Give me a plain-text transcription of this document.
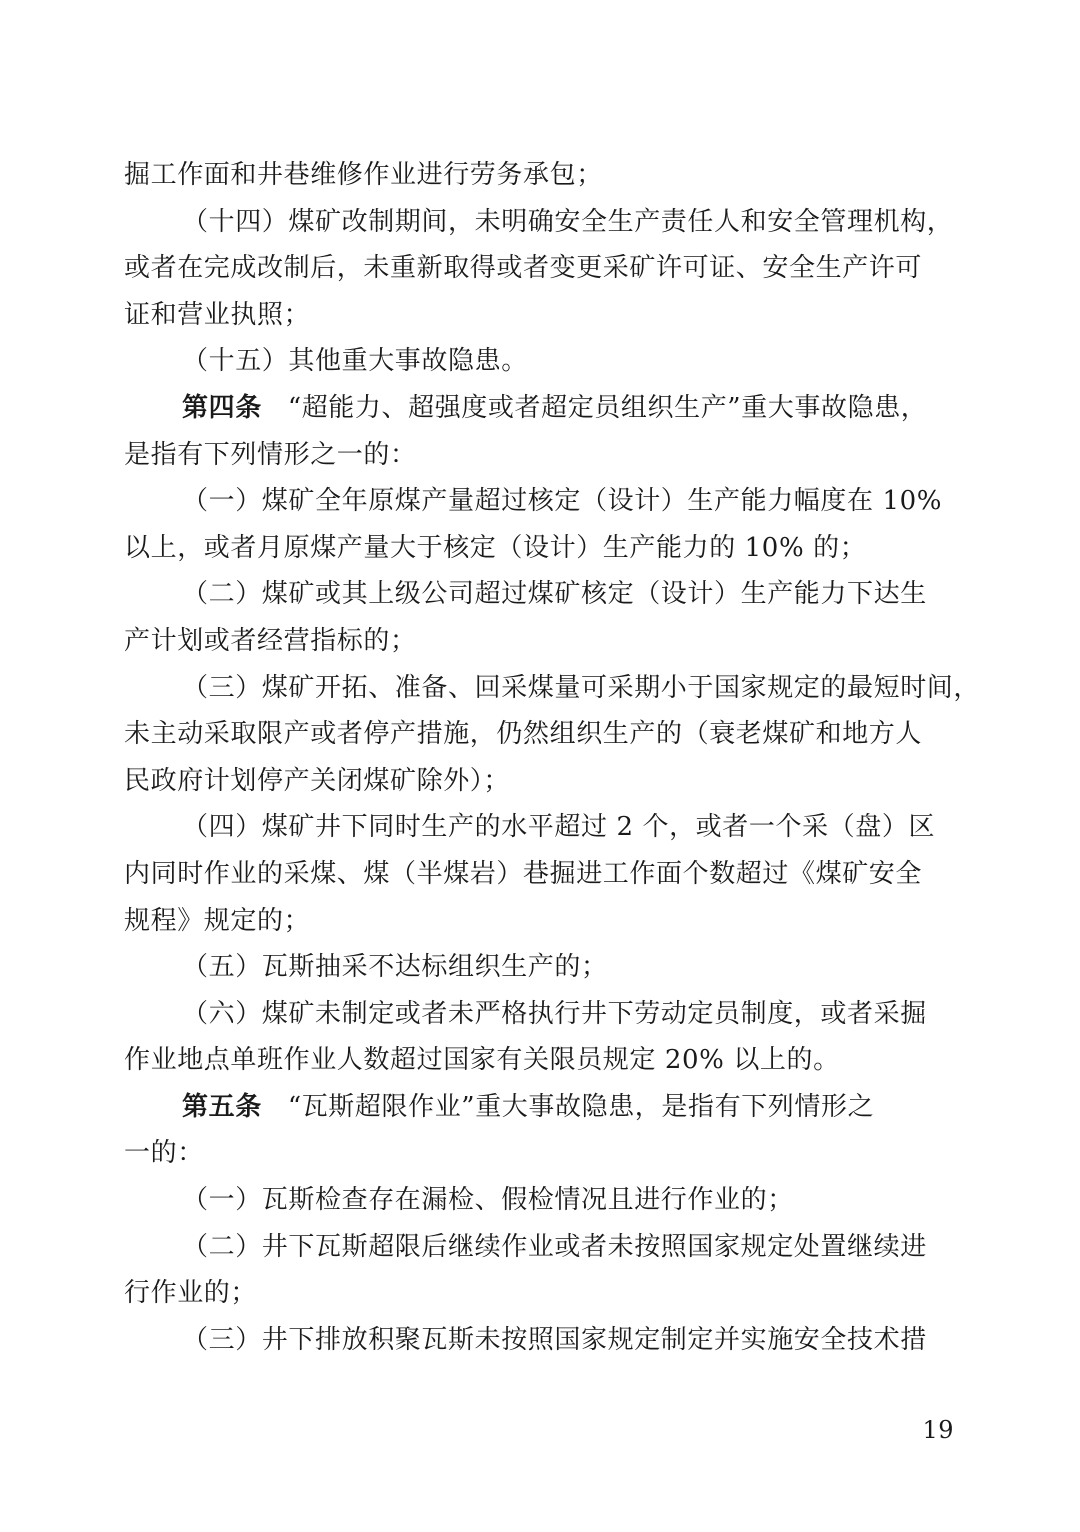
掘工作面和井巷维修作业进行劳务承包；
（十四）煤矿改制期间，未明确安全生产责任人和安全管理机构，
或者在完成改制后，未重新取得或者变更采矿许可证、安全生产许可
证和营业执照；
（十五）其他重大事故隐患。
第四条 “超能力、超强度或者超定员组织生产”重大事故隐患，
是指有下列情形之一的：
（一）煤矿全年原煤产量超过核定（设计）生产能力幅度在 10%
以上，或者月原煤产量大于核定（设计）生产能力的 10% 的；
（二）煤矿或其上级公司超过煤矿核定（设计）生产能力下达生
产计划或者经营指标的；
（三）煤矿开拓、准备、回采煤量可采期小于国家规定的最短时间，
未主动采取限产或者停产措施，仍然组织生产的（衰老煤矿和地方人
民政府计划停产关闭煤矿除外）；
（四）煤矿井下同时生产的水平超过 2 个，或者一个采（盘）区
内同时作业的采煤、煤（半煤岩）巷掘进工作面个数超过《煤矿安全
规程》规定的；
（五）瓦斯抽采不达标组织生产的；
（六）煤矿未制定或者未严格执行井下劳动定员制度，或者采掘
作业地点单班作业人数超过国家有关限员规定 20% 以上的。
第五条 “瓦斯超限作业”重大事故隐患，是指有下列情形之
一的：
（一）瓦斯检查存在漏检、假检情况且进行作业的；
（二）井下瓦斯超限后继续作业或者未按照国家规定处置继续进
行作业的；
（三）井下排放积聚瓦斯未按照国家规定制定并实施安全技术措
19
